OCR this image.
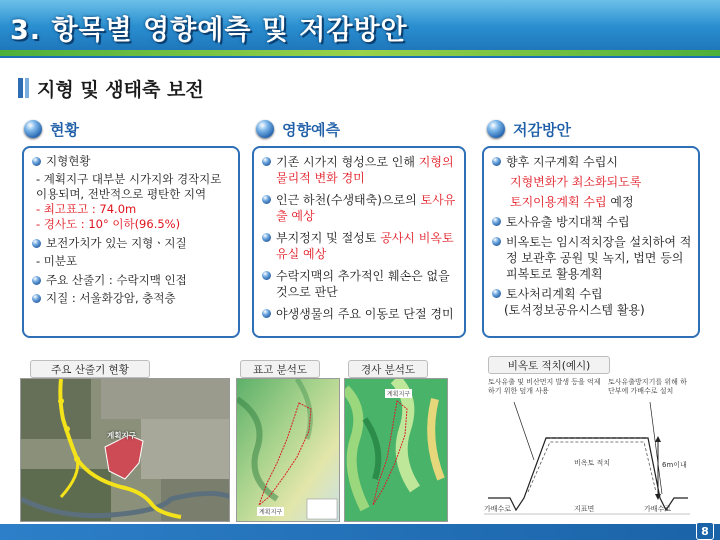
3. 항목별 영향예측 및 저감방안
지형 및 생태축 보전
현황	영향예측	저감방안
지형현황
- 계획지구 대부분 시가지와 경작지로 이용되며, 전반적으로 평탄한 지역
- 최고표고 : 74.0m
- 경사도 : 10° 이하(96.5%)
보전가치가 있는 지형ㆍ지질
- 미분포
주요 산줄기 : 수락지맥 인접
지질 : 서울화강암, 충적층
기존 시가지 형성으로 인해 지형의 물리적 변화 경미
인근 하천(수생태축)으로의 토사유출 예상
부지정지 및 절성토 공사시 비옥토 유실 예상
수락지맥의 추가적인 훼손은 없을 것으로 판단
야생생물의 주요 이동로 단절 경미
향후 지구계획 수립시
지형변화가 최소화되도록
토지이용계획 수립 예정
토사유출 방지대책 수립
비옥토는 임시적치장을 설치하여 적정 보관후 공원 및 녹지, 법면 등의 피복토로 활용계획
토사처리계획 수립
(토석정보공유시스템 활용)
주요 산줄기 현황	표고 분석도	경사 분석도	비옥토 적치(예시)
계획지구
계획지구
계획지구
토사유출 및 비산먼지 발생 등을 억제하기 위한 덮개 사용
토사유출방지기를 위해 하단부에 가배수로 설치
비옥토 적치	6m이내
가배수로	지표면	가배수로
8
